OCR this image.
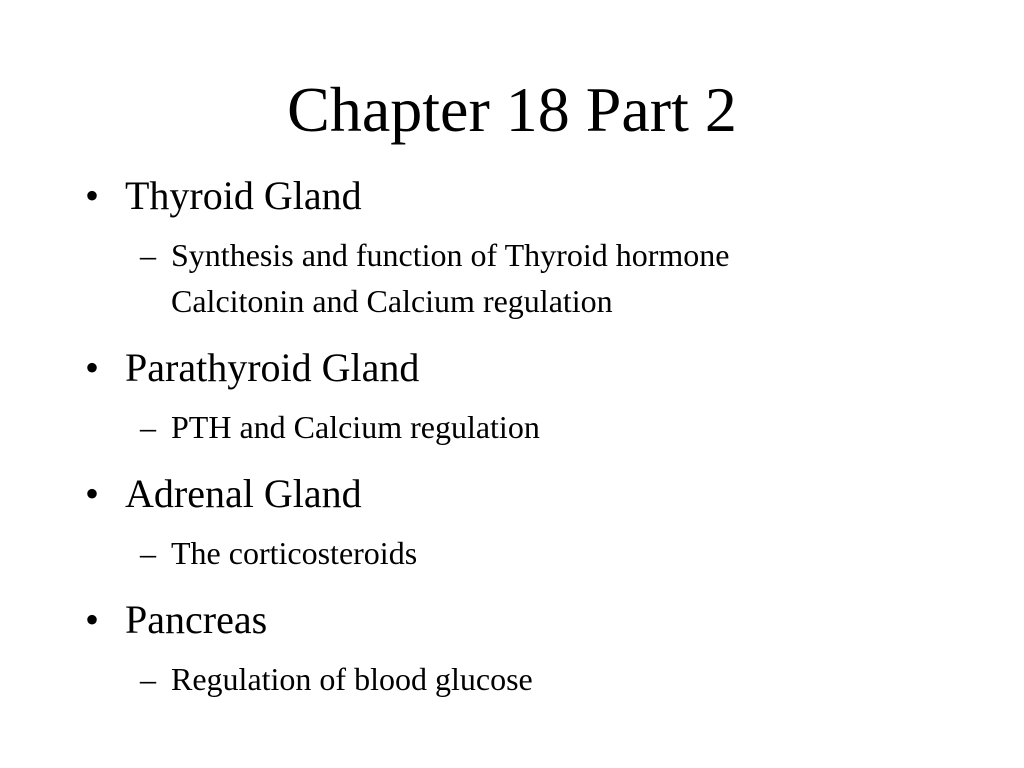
Chapter 18 Part 2
• Thyroid Gland
– Synthesis and function of Thyroid hormone
Calcitonin and Calcium regulation
• Parathyroid Gland
– PTH and Calcium regulation
• Adrenal Gland
– The corticosteroids
• Pancreas
– Regulation of blood glucose
